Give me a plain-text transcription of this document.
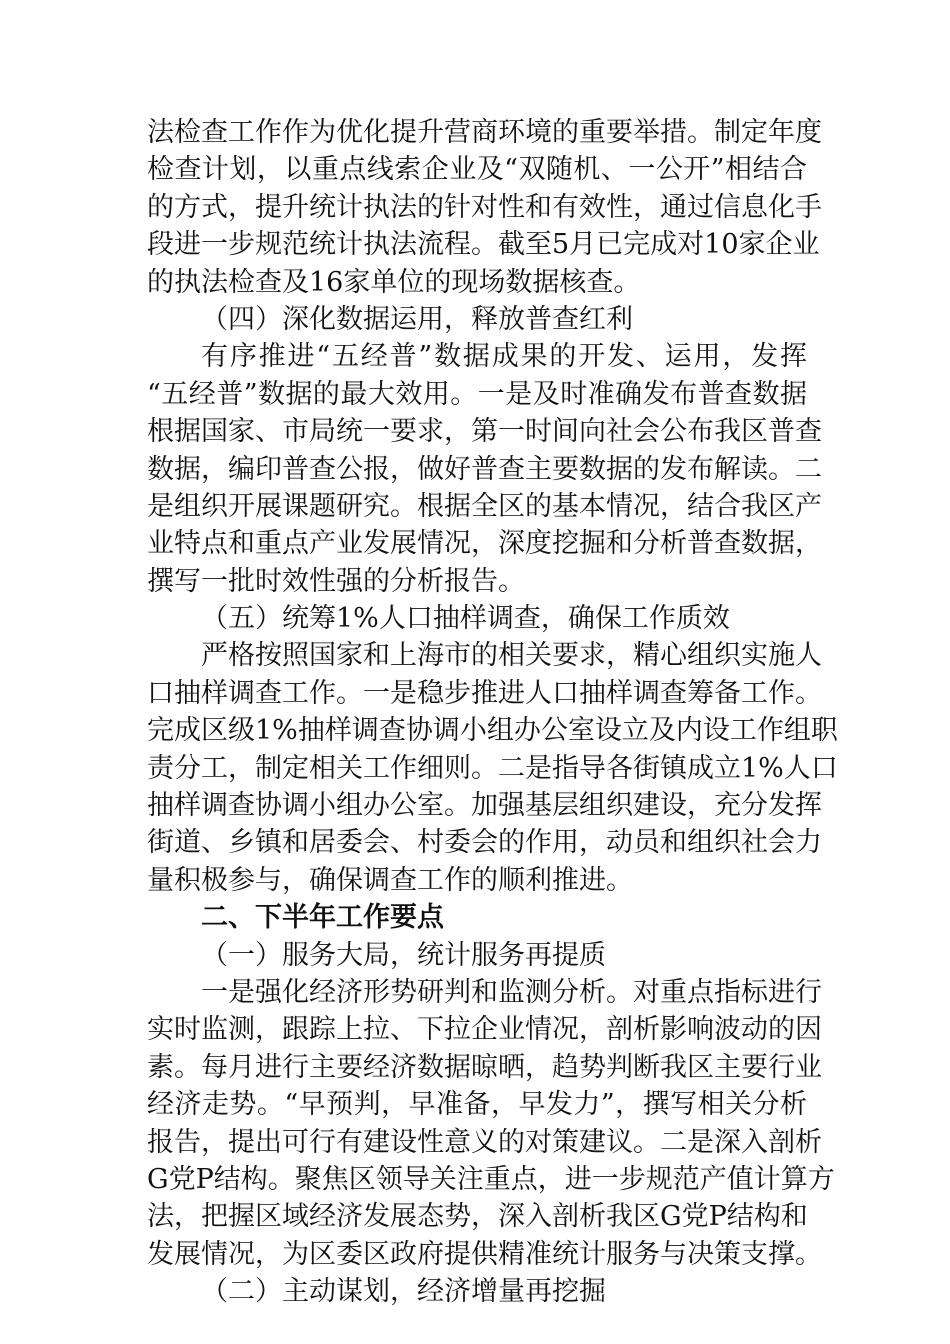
法检查工作作为优化提升营商环境的重要举措。制定年度
检查计划，以重点线索企业及“双随机、一公开”相结合
的方式，提升统计执法的针对性和有效性，通过信息化手
段进一步规范统计执法流程。截至5月已完成对10家企业
的执法检查及16家单位的现场数据核查。
（四）深化数据运用，释放普查红利
有序推进“五经普”数据成果的开发、运用，发挥
“五经普”数据的最大效用。一是及时准确发布普查数据
根据国家、市局统一要求，第一时间向社会公布我区普查
数据，编印普查公报，做好普查主要数据的发布解读。二
是组织开展课题研究。根据全区的基本情况，结合我区产
业特点和重点产业发展情况，深度挖掘和分析普查数据，
撰写一批时效性强的分析报告。
（五）统筹1%人口抽样调查，确保工作质效
严格按照国家和上海市的相关要求，精心组织实施人
口抽样调查工作。一是稳步推进人口抽样调查筹备工作。
完成区级1%抽样调查协调小组办公室设立及内设工作组职
责分工，制定相关工作细则。二是指导各街镇成立1%人口
抽样调查协调小组办公室。加强基层组织建设，充分发挥
街道、乡镇和居委会、村委会的作用，动员和组织社会力
量积极参与，确保调查工作的顺利推进。
二、下半年工作要点
（一）服务大局，统计服务再提质
一是强化经济形势研判和监测分析。对重点指标进行
实时监测，跟踪上拉、下拉企业情况，剖析影响波动的因
素。每月进行主要经济数据晾晒，趋势判断我区主要行业
经济走势。“早预判，早准备，早发力”，撰写相关分析
报告，提出可行有建设性意义的对策建议。二是深入剖析
G党P结构。聚焦区领导关注重点，进一步规范产值计算方
法，把握区域经济发展态势，深入剖析我区G党P结构和
发展情况，为区委区政府提供精准统计服务与决策支撑。
（二）主动谋划，经济增量再挖掘
